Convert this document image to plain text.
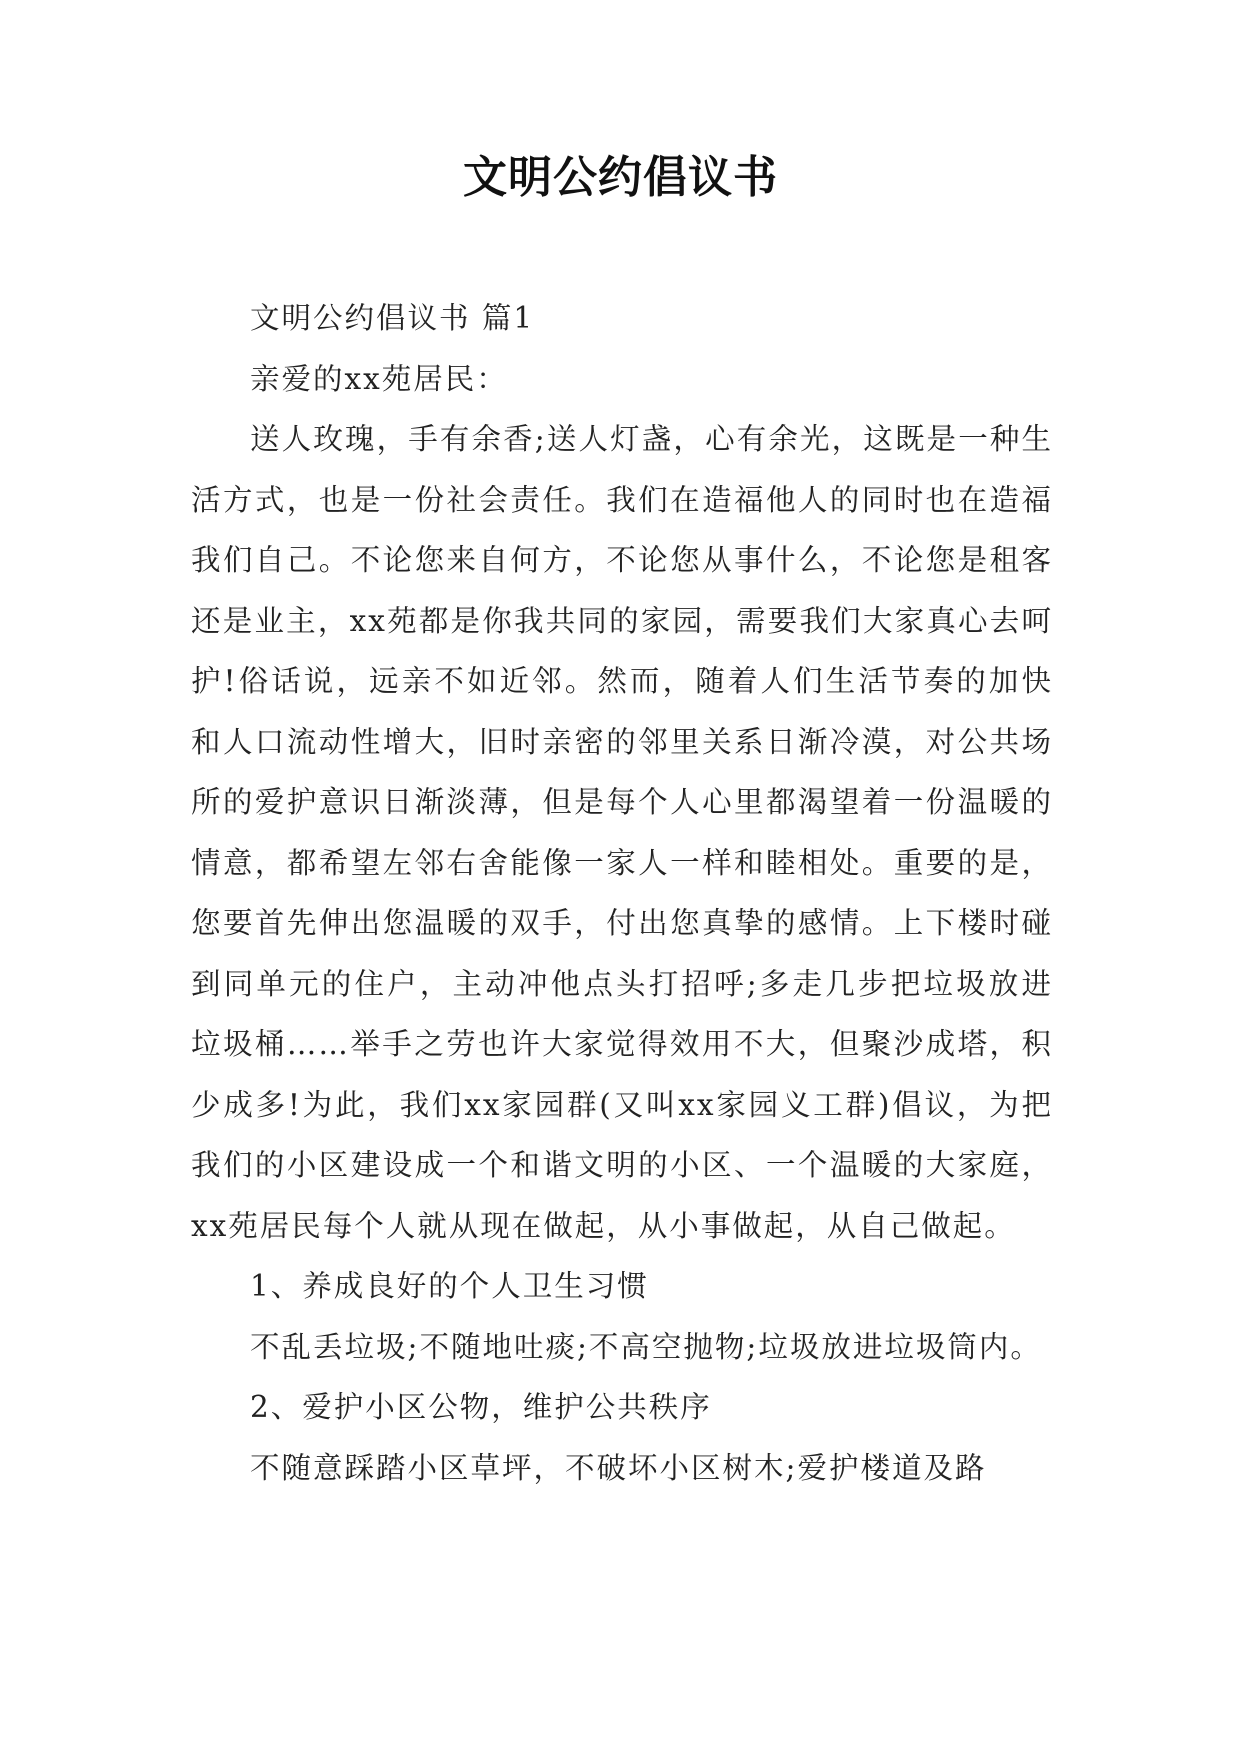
文明公约倡议书

文明公约倡议书 篇1

亲爱的xx苑居民：

送人玫瑰，手有余香;送人灯盏，心有余光，这既是一种生活方式，也是一份社会责任。我们在造福他人的同时也在造福我们自己。不论您来自何方，不论您从事什么，不论您是租客还是业主，xx苑都是你我共同的家园，需要我们大家真心去呵护!俗话说，远亲不如近邻。然而，随着人们生活节奏的加快和人口流动性增大，旧时亲密的邻里关系日渐冷漠，对公共场所的爱护意识日渐淡薄，但是每个人心里都渴望着一份温暖的情意，都希望左邻右舍能像一家人一样和睦相处。重要的是，您要首先伸出您温暖的双手，付出您真挚的感情。上下楼时碰到同单元的住户，主动冲他点头打招呼;多走几步把垃圾放进垃圾桶……举手之劳也许大家觉得效用不大，但聚沙成塔，积少成多!为此，我们xx家园群(又叫xx家园义工群)倡议，为把我们的小区建设成一个和谐文明的小区、一个温暖的大家庭，xx苑居民每个人就从现在做起，从小事做起，从自己做起。

1、养成良好的个人卫生习惯

不乱丢垃圾;不随地吐痰;不高空抛物;垃圾放进垃圾筒内。

2、爱护小区公物，维护公共秩序

不随意踩踏小区草坪，不破坏小区树木;爱护楼道及路
